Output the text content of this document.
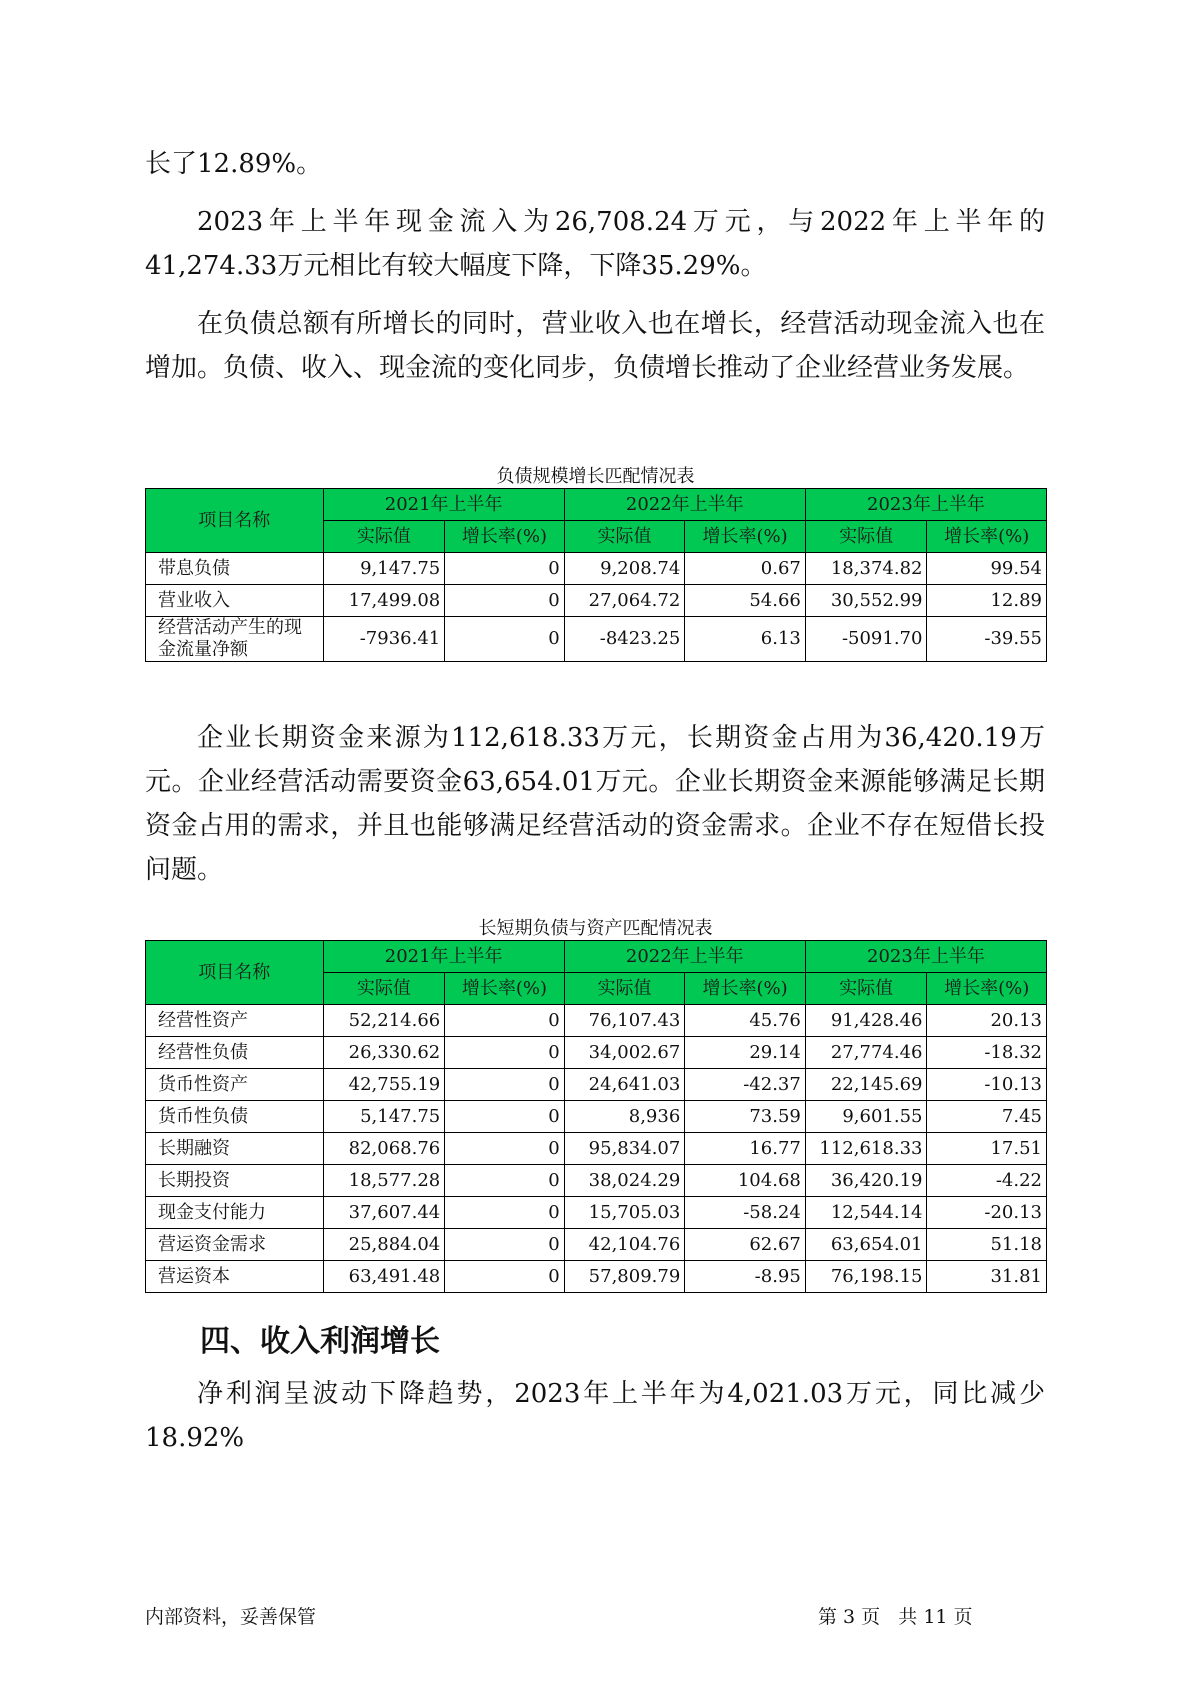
长了12.89%。

2023年上半年现金流入为26,708.24万元，与2022年上半年的41,274.33万元相比有较大幅度下降，下降35.29%。

在负债总额有所增长的同时，营业收入也在增长，经营活动现金流入也在增加。负债、收入、现金流的变化同步，负债增长推动了企业经营业务发展。

负债规模增长匹配情况表
项目名称	2021年上半年		2022年上半年		2023年上半年	
	实际值	增长率(%)	实际值	增长率(%)	实际值	增长率(%)
带息负债	9,147.75	0	9,208.74	0.67	18,374.82	99.54
营业收入	17,499.08	0	27,064.72	54.66	30,552.99	12.89
经营活动产生的现金流量净额	-7936.41	0	-8423.25	6.13	-5091.70	-39.55

企业长期资金来源为112,618.33万元，长期资金占用为36,420.19万元。企业经营活动需要资金63,654.01万元。企业长期资金来源能够满足长期资金占用的需求，并且也能够满足经营活动的资金需求。企业不存在短借长投问题。

长短期负债与资产匹配情况表
项目名称	2021年上半年		2022年上半年		2023年上半年	
	实际值	增长率(%)	实际值	增长率(%)	实际值	增长率(%)
经营性资产	52,214.66	0	76,107.43	45.76	91,428.46	20.13
经营性负债	26,330.62	0	34,002.67	29.14	27,774.46	-18.32
货币性资产	42,755.19	0	24,641.03	-42.37	22,145.69	-10.13
货币性负债	5,147.75	0	8,936	73.59	9,601.55	7.45
长期融资	82,068.76	0	95,834.07	16.77	112,618.33	17.51
长期投资	18,577.28	0	38,024.29	104.68	36,420.19	-4.22
现金支付能力	37,607.44	0	15,705.03	-58.24	12,544.14	-20.13
营运资金需求	25,884.04	0	42,104.76	62.67	63,654.01	51.18
营运资本	63,491.48	0	57,809.79	-8.95	76,198.15	31.81
四、收入利润增长

净利润呈波动下降趋势，2023年上半年为4,021.03万元，同比减少18.92%

内部资料，妥善保管	第 3 页   共 11 页
